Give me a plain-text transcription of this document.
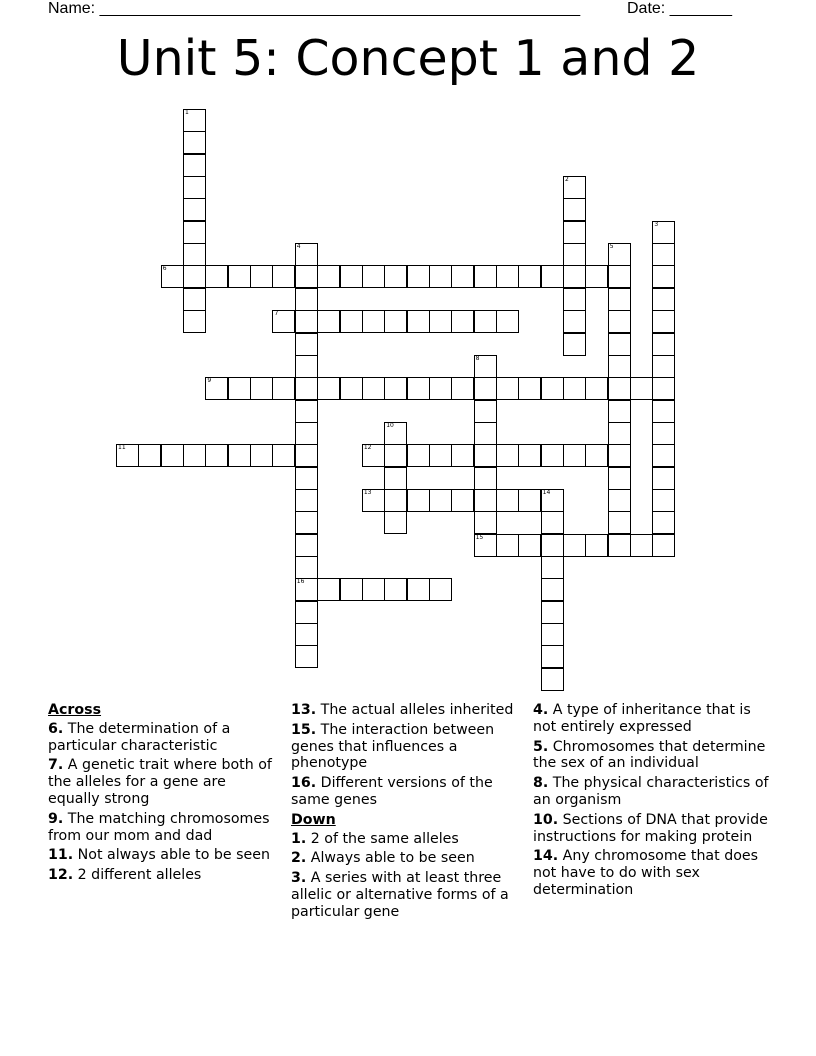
Name: ______________________________________________________	Date: _______
Unit 5: Concept 1 and 2
1
2
3
4
16
5
6
7
8
15
9
10
11	12
13	14
Across
6. The determination of a particular characteristic
7. A genetic trait where both of the alleles for a gene are equally strong
9. The matching chromosomes from our mom and dad
11. Not always able to be seen
12. 2 different alleles
13. The actual alleles inherited
15. The interaction between genes that influences a phenotype
16. Different versions of the same genes
Down
1. 2 of the same alleles
2. Always able to be seen
3. A series with at least three allelic or alternative forms of a particular gene
4. A type of inheritance that is not entirely expressed
5. Chromosomes that determine the sex of an individual
8. The physical characteristics of an organism
10. Sections of DNA that provide instructions for making protein
14. Any chromosome that does not have to do with sex determination
